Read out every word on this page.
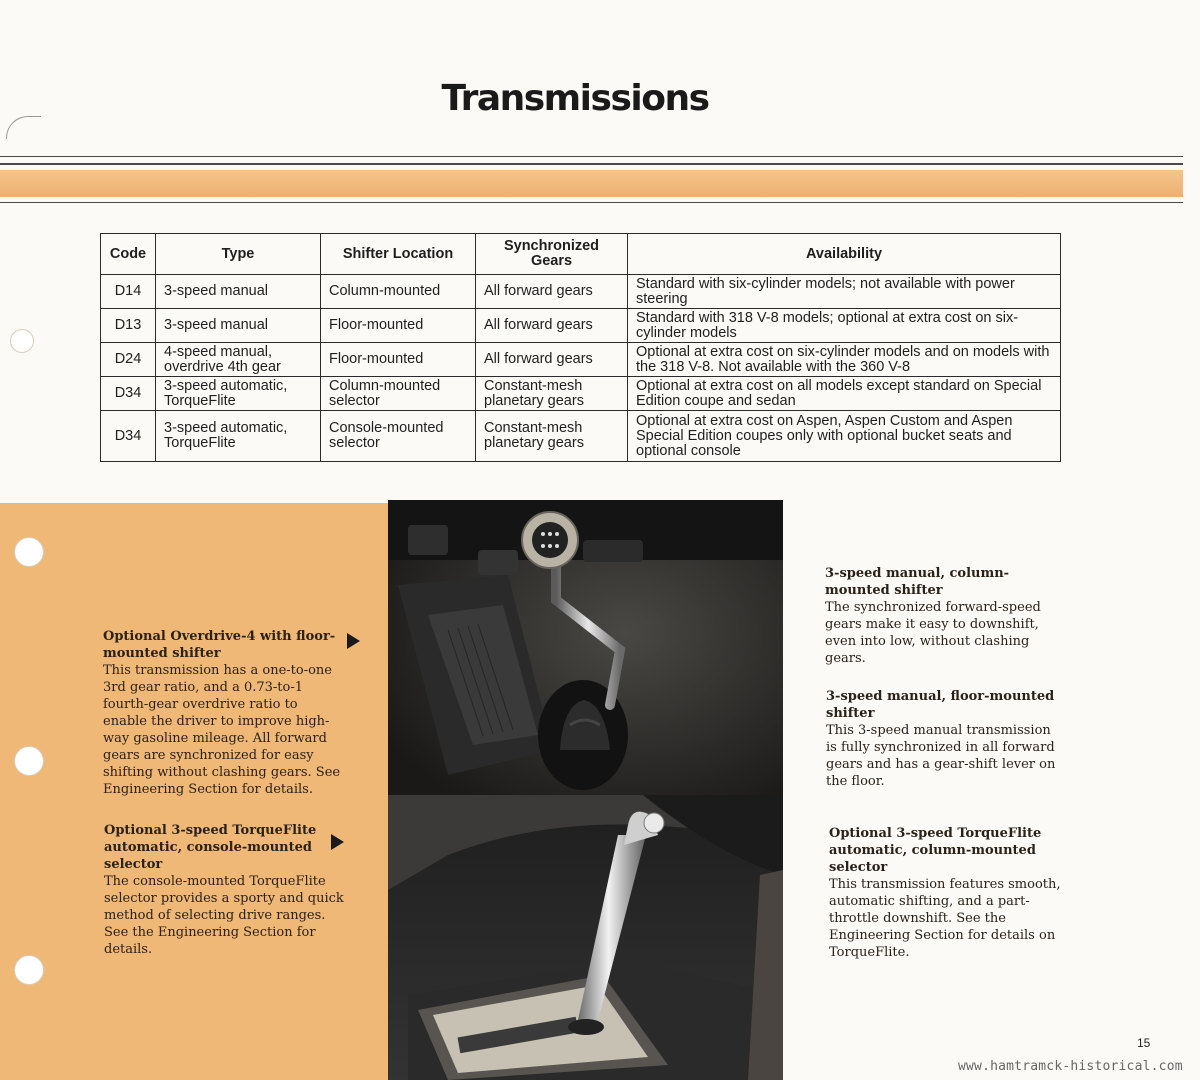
Transmissions
Code	Type	Shifter Location	Synchronized Gears	Availability
D14	3-speed manual	Column-mounted	All forward gears	Standard with six-cylinder models; not available with power steering
D13	3-speed manual	Floor-mounted	All forward gears	Standard with 318 V-8 models; optional at extra cost on six-cylinder models
D24	4-speed manual, overdrive 4th gear	Floor-mounted	All forward gears	Optional at extra cost on six-cylinder models and on models with the 318 V-8. Not available with the 360 V-8
D34	3-speed automatic, TorqueFlite	Column-mounted selector	Constant-mesh planetary gears	Optional at extra cost on all models except standard on Special Edition coupe and sedan
D34	3-speed automatic, TorqueFlite	Console-mounted selector	Constant-mesh planetary gears	Optional at extra cost on Aspen, Aspen Custom and Aspen Special Edition coupes only with optional bucket seats and optional console
Optional Overdrive-4 with floor-mounted shifter
This transmission has a one-to-one 3rd gear ratio, and a 0.73-to-1 fourth-gear overdrive ratio to enable the driver to improve high-way gasoline mileage. All forward gears are synchronized for easy shifting without clashing gears. See Engineering Section for details.
Optional 3-speed TorqueFlite automatic, console-mounted selector
The console-mounted TorqueFlite selector provides a sporty and quick method of selecting drive ranges. See the Engineering Section for details.
3-speed manual, column-mounted shifter
The synchronized forward-speed gears make it easy to downshift, even into low, without clashing gears.
3-speed manual, floor-mounted shifter
This 3-speed manual transmission is fully synchronized in all forward gears and has a gear-shift lever on the floor.
Optional 3-speed TorqueFlite automatic, column-mounted selector
This transmission features smooth, automatic shifting, and a part-throttle downshift. See the Engineering Section for details on TorqueFlite.
15
www.hamtramck-historical.com
